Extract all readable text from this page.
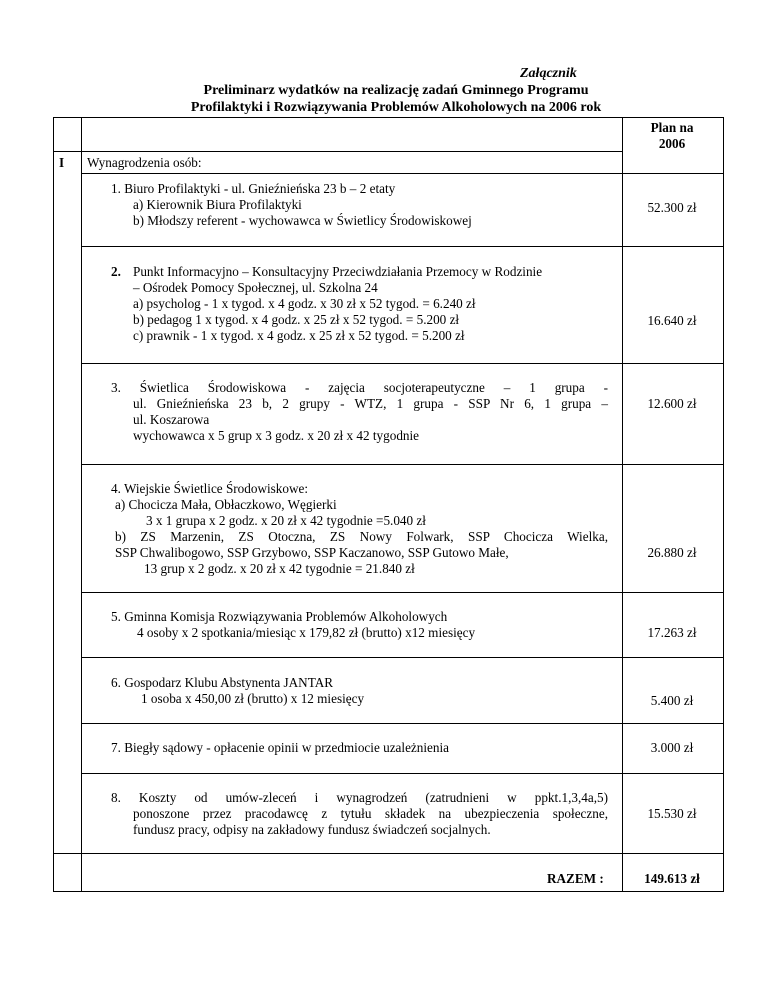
Załącznik
Preliminarz wydatków na realizację zadań Gminnego Programu
Profilaktyki i Rozwiązywania Problemów Alkoholowych na 2006 rok
Plan na
2006
I Wynagrodzenia osób:
1. Biuro Profilaktyki - ul. Gnieźnieńska 23 b – 2 etaty
a) Kierownik Biura Profilaktyki
b) Młodszy referent - wychowawca w Świetlicy Środowiskowej
52.300 zł
2. Punkt Informacyjno – Konsultacyjny Przeciwdziałania Przemocy w Rodzinie
– Ośrodek Pomocy Społecznej, ul. Szkolna 24
a) psycholog - 1 x tygod. x 4 godz. x 30 zł x 52 tygod. = 6.240 zł
b) pedagog 1 x tygod. x 4 godz. x 25 zł x 52 tygod. = 5.200 zł
c) prawnik - 1 x tygod. x 4 godz. x 25 zł x 52 tygod. = 5.200 zł
16.640 zł
3. Świetlica Środowiskowa - zajęcia socjoterapeutyczne – 1 grupa -
ul. Gnieźnieńska 23 b, 2 grupy - WTZ, 1 grupa - SSP Nr 6, 1 grupa –
ul. Koszarowa
wychowawca x 5 grup x 3 godz. x 20 zł x 42 tygodnie
12.600 zł
4. Wiejskie Świetlice Środowiskowe:
a) Chocicza Mała, Obłaczkowo, Węgierki
3 x 1 grupa x 2 godz. x 20 zł x 42 tygodnie =5.040 zł
b) ZS Marzenin, ZS Otoczna, ZS Nowy Folwark, SSP Chocicza Wielka,
SSP Chwalibogowo, SSP Grzybowo, SSP Kaczanowo, SSP Gutowo Małe,
13 grup x 2 godz. x 20 zł x 42 tygodnie = 21.840 zł
26.880 zł
5. Gminna Komisja Rozwiązywania Problemów Alkoholowych
4 osoby x 2 spotkania/miesiąc x 179,82 zł (brutto) x12 miesięcy	17.263 zł
6. Gospodarz Klubu Abstynenta JANTAR
1 osoba x 450,00 zł (brutto) x 12 miesięcy	5.400 zł
7. Biegły sądowy - opłacenie opinii w przedmiocie uzależnienia	3.000 zł
8. Koszty od umów-zleceń i wynagrodzeń (zatrudnieni w ppkt.1,3,4a,5)
ponoszone przez pracodawcę z tytułu składek na ubezpieczenia społeczne,
fundusz pracy, odpisy na zakładowy fundusz świadczeń socjalnych.
15.530 zł
RAZEM :	149.613 zł
